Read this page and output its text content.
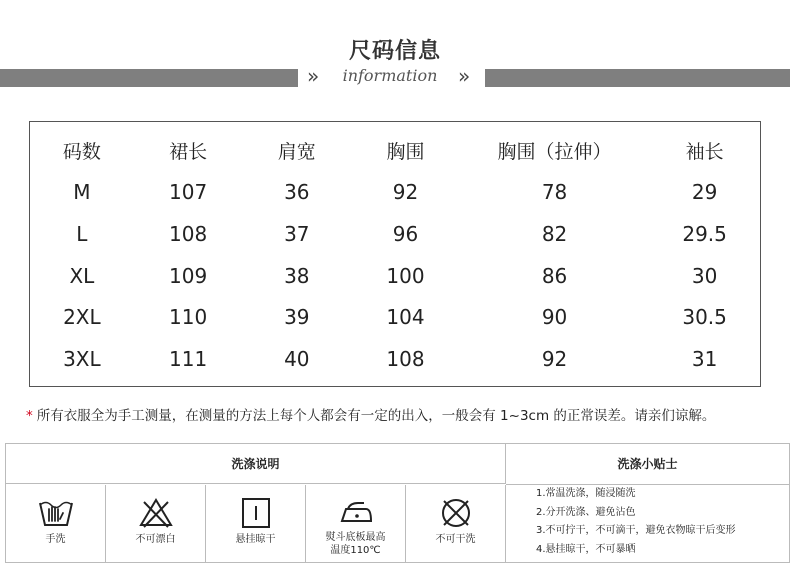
尺码信息
»	information	»
码数	裙长	肩宽	胸围	胸围（拉伸）	袖长
M	107	36	92	78	29
L	108	37	96	82	29.5
XL	109	38	100	86	30
2XL	110	39	104	90	30.5
3XL	111	40	108	92	31
* 所有衣服全为手工测量，在测量的方法上每个人都会有一定的出入，一般会有 1~3cm 的正常误差。请亲们谅解。
洗涤说明	洗涤小贴士
手洗	不可漂白	悬挂晾干	熨斗底板最高
温度110℃
不可干洗
1.常温洗涤，随浸随洗
2.分开洗涤、避免沾色
3.不可拧干，不可滴干，避免衣物晾干后变形
4.悬挂晾干，不可暴晒
